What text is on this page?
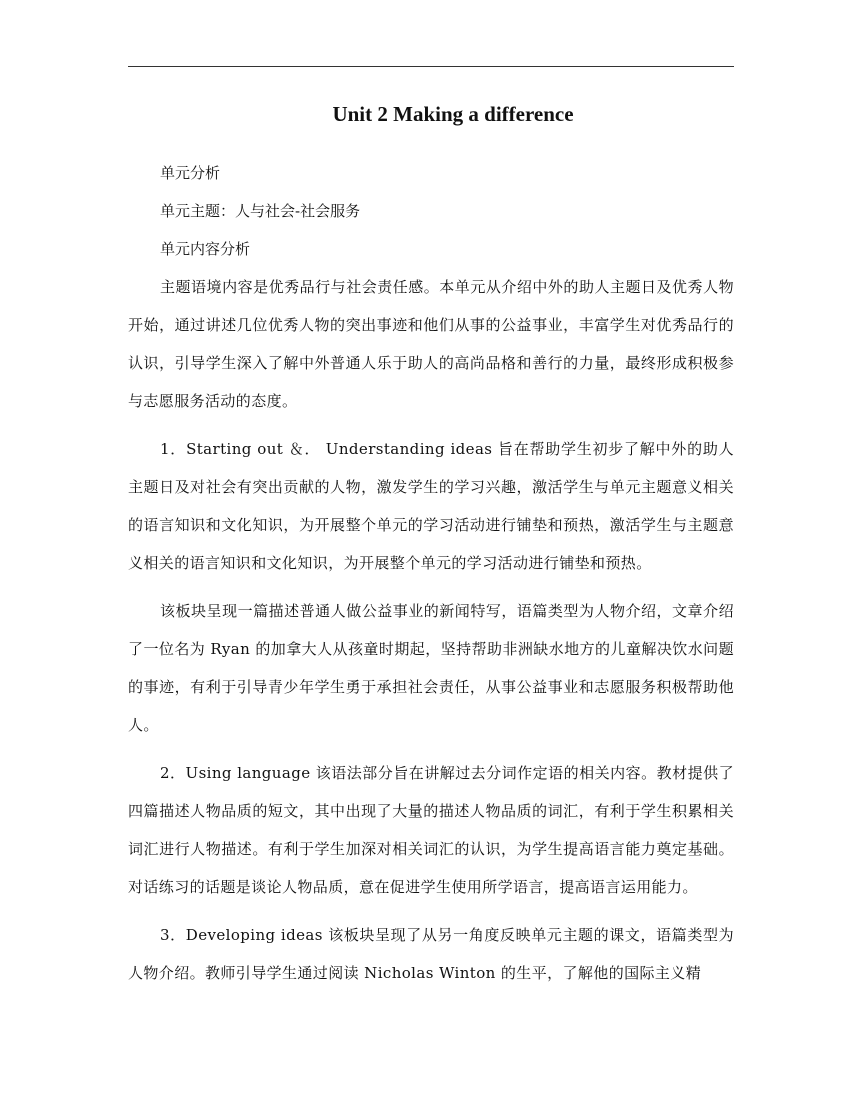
Unit 2 Making a difference

单元分析

单元主题：人与社会-社会服务

单元内容分析

主题语境内容是优秀品行与社会责任感。本单元从介绍中外的助人主题日及优秀人物开始，通过讲述几位优秀人物的突出事迹和他们从事的公益事业，丰富学生对优秀品行的认识，引导学生深入了解中外普通人乐于助人的高尚品格和善行的力量，最终形成积极参与志愿服务活动的态度。

1．Starting out ＆． Understanding ideas 旨在帮助学生初步了解中外的助人主题日及对社会有突出贡献的人物，激发学生的学习兴趣，激活学生与单元主题意义相关的语言知识和文化知识，为开展整个单元的学习活动进行铺垫和预热，激活学生与主题意义相关的语言知识和文化知识，为开展整个单元的学习活动进行铺垫和预热。

该板块呈现一篇描述普通人做公益事业的新闻特写，语篇类型为人物介绍，文章介绍了一位名为 Ryan 的加拿大人从孩童时期起，坚持帮助非洲缺水地方的儿童解决饮水问题的事迹，有利于引导青少年学生勇于承担社会责任，从事公益事业和志愿服务积极帮助他人。

2．Using language 该语法部分旨在讲解过去分词作定语的相关内容。教材提供了四篇描述人物品质的短文，其中出现了大量的描述人物品质的词汇，有利于学生积累相关词汇进行人物描述。有利于学生加深对相关词汇的认识，为学生提高语言能力奠定基础。对话练习的话题是谈论人物品质，意在促进学生使用所学语言，提高语言运用能力。

3．Developing ideas 该板块呈现了从另一角度反映单元主题的课文，语篇类型为人物介绍。教师引导学生通过阅读 Nicholas Winton 的生平，了解他的国际主义精
